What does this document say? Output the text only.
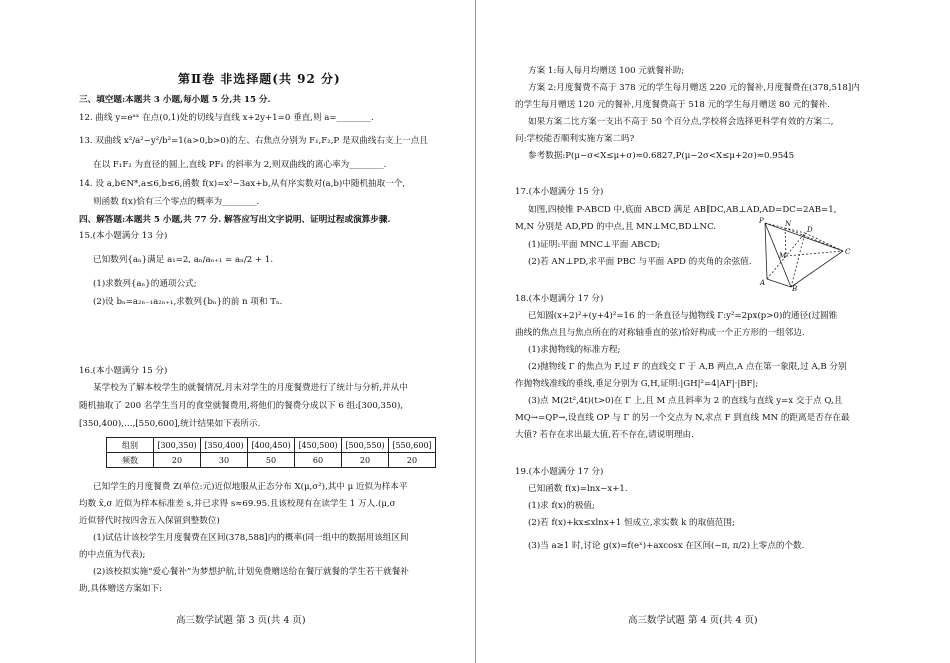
第Ⅱ卷 非选择题(共 92 分)
三、填空题:本题共 3 小题,每小题 5 分,共 15 分.
12. 曲线 y=eᵃˣ 在点(0,1)处的切线与直线 x+2y+1=0 垂直,则 a=________.
13. 双曲线 x²/a²−y²/b²=1(a>0,b>0)的左、右焦点分别为 F₁,F₂,P 是双曲线右支上一点且
在以 F₁F₂ 为直径的圆上,直线 PF₁ 的斜率为 2,则双曲线的离心率为________.
14. 设 a,b∈N*,a≤6,b≤6,函数 f(x)=x³−3ax+b,从有序实数对(a,b)中随机抽取一个,
则函数 f(x)恰有三个零点的概率为________.
四、解答题:本题共 5 小题,共 77 分. 解答应写出文字说明、证明过程或演算步骤.
15.(本小题满分 13 分)
已知数列{aₙ}满足 a₁=2, aₙ/aₙ₊₁ = aₙ/2 + 1.
(1)求数列{aₙ}的通项公式;
(2)设 bₙ=a₂ₙ₋₁a₂ₙ₊₁,求数列{bₙ}的前 n 项和 Tₙ.
16.(本小题满分 15 分)
某学校为了解本校学生的就餐情况,月末对学生的月度餐费进行了统计与分析,并从中
随机抽取了 200 名学生当月的食堂就餐费用,将他们的餐费分成以下 6 组:[300,350),
[350,400),…,[550,600],统计结果如下表所示.
组别	[300,350)	[350,400)	[400,450)	[450,500)	[500,550)	[550,600]
频数	20	30	50	60	20	20
已知学生的月度餐费 Z(单位:元)近似地服从正态分布 X(μ,σ²),其中 μ 近似为样本平
均数 x̄,σ 近似为样本标准差 s,并已求得 s≈69.95.且该校现有在读学生 1 万人.(μ,σ
近似替代时按四舍五入保留到整数位)
(1)试估计该校学生月度餐费在区间(378,588]内的概率(同一组中的数据用该组区间
的中点值为代表);
(2)该校拟实施“爱心餐补”为梦想护航,计划免费赠送给在餐厅就餐的学生若干就餐补
助,具体赠送方案如下:
高三数学试题 第 3 页(共 4 页)
方案 1:每人每月均赠送 100 元就餐补助;
方案 2:月度餐费不高于 378 元的学生每月赠送 220 元的餐补,月度餐费在(378,518]内
的学生每月赠送 120 元的餐补,月度餐费高于 518 元的学生每月赠送 80 元的餐补.
如果方案二比方案一支出不高于 50 个百分点,学校将会选择更科学有效的方案二,
问:学校能否顺利实施方案二吗?
参考数据:P(μ−σ<X≤μ+σ)≈0.6827,P(μ−2σ<X≤μ+2σ)≈0.9545
17.(本小题满分 15 分)
如图,四棱锥 P-ABCD 中,底面 ABCD 满足 AB∥DC,AB⊥AD,AD=DC=2AB=1,
M,N 分别是 AD,PD 的中点,且 MN⊥MC,BD⊥NC.
(1)证明:平面 MNC⊥平面 ABCD;
(2)若 AN⊥PD,求平面 PBC 与平面 APD 的夹角的余弦值.
18.(本小题满分 17 分)
已知圆(x+2)²+(y+4)²=16 的一条直径与抛物线 Γ:y²=2px(p>0)的通径(过圆锥
曲线的焦点且与焦点所在的对称轴垂直的弦)恰好构成一个正方形的一组邻边.
(1)求抛物线的标准方程;
(2)抛物线 Γ 的焦点为 F,过 F 的直线交 Γ 于 A,B 两点,A 点在第一象限,过 A,B 分别
作抛物线准线的垂线,垂足分别为 G,H,证明:|GH|²=4|AF|·|BF|;
(3)点 M(2t²,4t)(t>0)在 Γ 上,且 M 点且斜率为 2 的直线与直线 y=x 交于点 Q,且
MQ→=QP→,设直线 OP 与 Γ 的另一个交点为 N,求点 F 到直线 MN 的距离是否存在最
大值? 若存在求出最大值,若不存在,请说明理由.
19.(本小题满分 17 分)
已知函数 f(x)=lnx−x+1.
(1)求 f(x)的极值;
(2)若 f(x)+kx≤xlnx+1 恒成立,求实数 k 的取值范围;
(3)当 a≥1 时,讨论 g(x)=f(eˣ)+axcosx 在区间(−π, π/2)上零点的个数.
高三数学试题 第 4 页(共 4 页)
P	N
D
M	C
A
B
